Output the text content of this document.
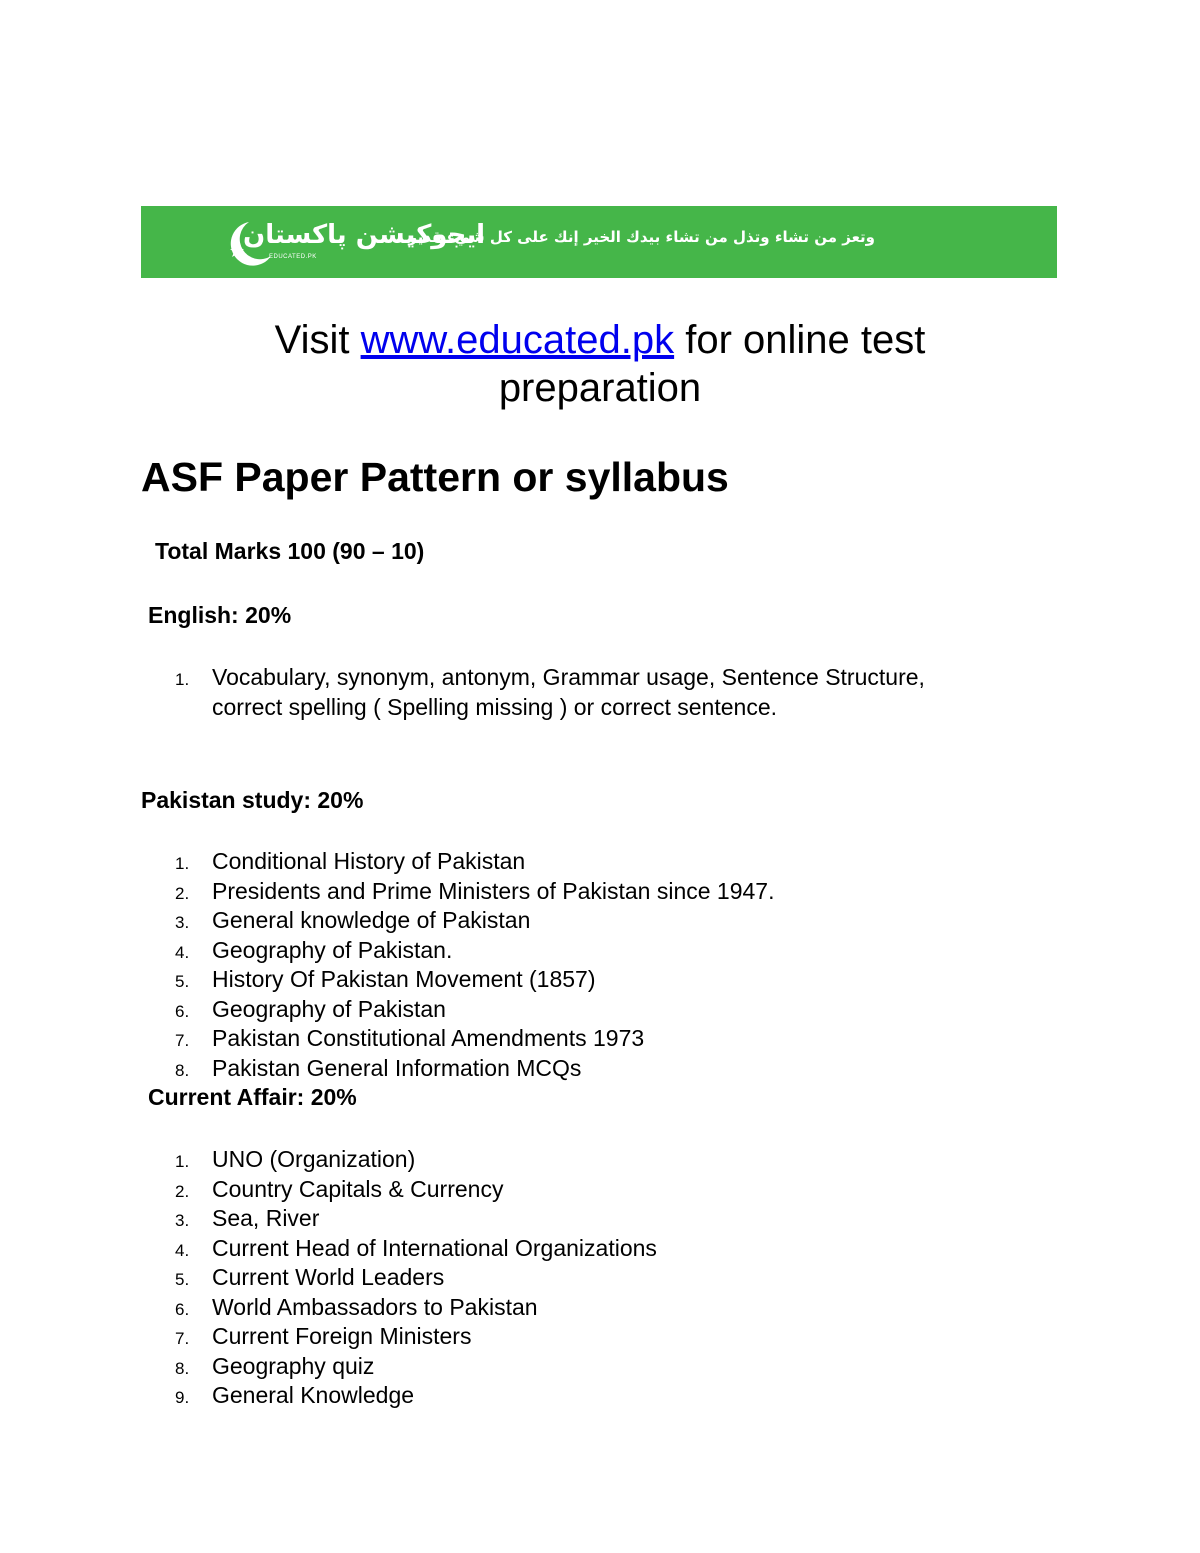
ایجوکیشن پاکستان
EDUCATED.PK
وتعز من تشاء وتذل من تشاء بيدك الخير إنك على كل شيء قدير
Visit www.educated.pk for online test
preparation
ASF Paper Pattern or syllabus
Total Marks 100 (90 – 10)
English: 20%
1. Vocabulary, synonym, antonym, Grammar usage, Sentence Structure,
correct spelling ( Spelling missing ) or correct sentence.
Pakistan study: 20%
1. Conditional History of Pakistan
2. Presidents and Prime Ministers of Pakistan since 1947.
3. General knowledge of Pakistan
4. Geography of Pakistan.
5. History Of Pakistan Movement (1857)
6. Geography of Pakistan
7. Pakistan Constitutional Amendments 1973
8. Pakistan General Information MCQs
Current Affair: 20%
1. UNO (Organization)
2. Country Capitals & Currency
3. Sea, River
4. Current Head of International Organizations
5. Current World Leaders
6. World Ambassadors to Pakistan
7. Current Foreign Ministers
8. Geography quiz
9. General Knowledge
